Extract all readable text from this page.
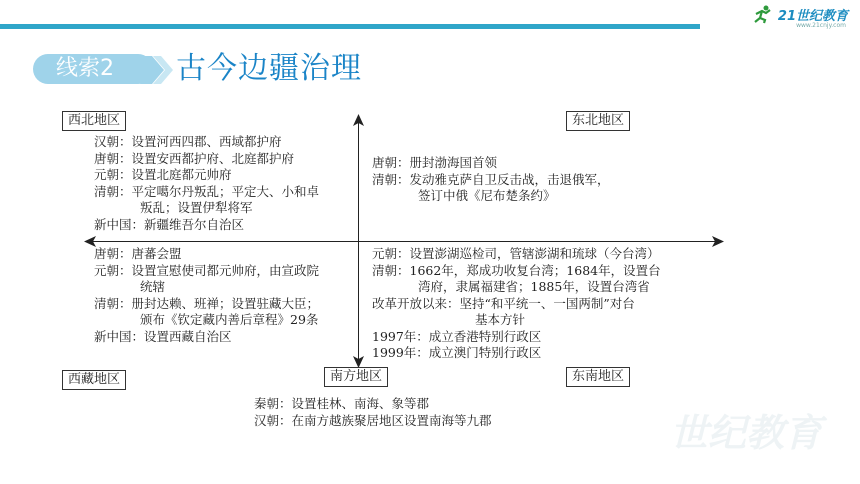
21世纪教育
www.21cnjy.com
线索2 古今边疆治理
西北地区	东北地区
西藏地区	南方地区	东南地区
汉朝：设置河西四郡、西域都护府
唐朝：设置安西都护府、北庭都护府
元朝：设置北庭都元帅府
清朝：平定噶尔丹叛乱；平定大、小和卓
叛乱；设置伊犁将军
新中国：新疆维吾尔自治区
唐朝：册封渤海国首领
清朝：发动雅克萨自卫反击战，击退俄军，
签订中俄《尼布楚条约》
唐朝：唐蕃会盟
元朝：设置宣慰使司都元帅府，由宣政院
统辖
清朝：册封达赖、班禅；设置驻藏大臣；
颁布《钦定藏内善后章程》29条
新中国：设置西藏自治区
元朝：设置澎湖巡检司，管辖澎湖和琉球（今台湾）
清朝：1662年，郑成功收复台湾；1684年，设置台
湾府，隶属福建省；1885年，设置台湾省
改革开放以来：坚持“和平统一、一国两制”对台
基本方针
1997年：成立香港特别行政区
1999年：成立澳门特别行政区
秦朝：设置桂林、南海、象等郡
汉朝：在南方越族聚居地区设置南海等九郡	世纪教育
